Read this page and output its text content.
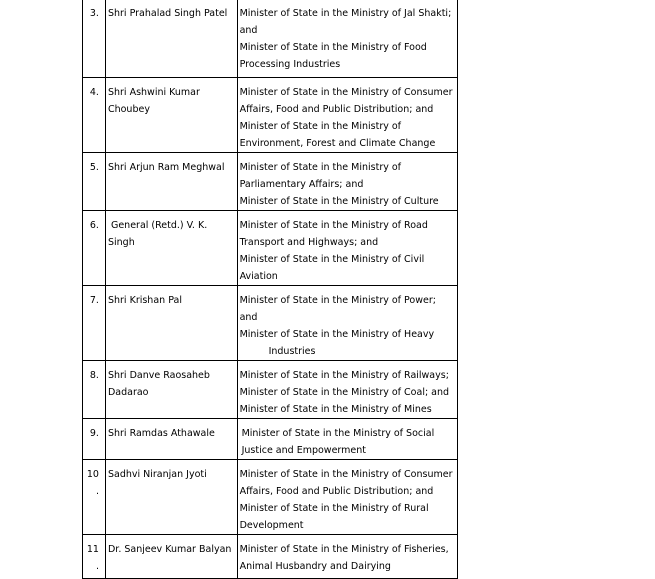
3.	Shri Prahalad Singh Patel	Minister of State in the Ministry of Jal Shakti; and
Minister of State in the Ministry of Food Processing Industries

4.	Shri Ashwini Kumar Choubey	Minister of State in the Ministry of Consumer Affairs, Food and Public Distribution; and
Minister of State in the Ministry of Environment, Forest and Climate Change

5.	Shri Arjun Ram Meghwal	Minister of State in the Ministry of Parliamentary Affairs; and
Minister of State in the Ministry of Culture

6.	General (Retd.) V. K. Singh	Minister of State in the Ministry of Road Transport and Highways; and
Minister of State in the Ministry of Civil Aviation

7.	Shri Krishan Pal	Minister of State in the Ministry of Power; and
Minister of State in the Ministry of Heavy
Industries

8.	Shri Danve Raosaheb Dadarao	Minister of State in the Ministry of Railways;
Minister of State in the Ministry of Coal; and
Minister of State in the Ministry of Mines

9.	Shri Ramdas Athawale	Minister of State in the Ministry of Social Justice and Empowerment

10.	Sadhvi Niranjan Jyoti	Minister of State in the Ministry of Consumer Affairs, Food and Public Distribution; and
Minister of State in the Ministry of Rural Development

11.	Dr. Sanjeev Kumar Balyan	Minister of State in the Ministry of Fisheries, Animal Husbandry and Dairying
